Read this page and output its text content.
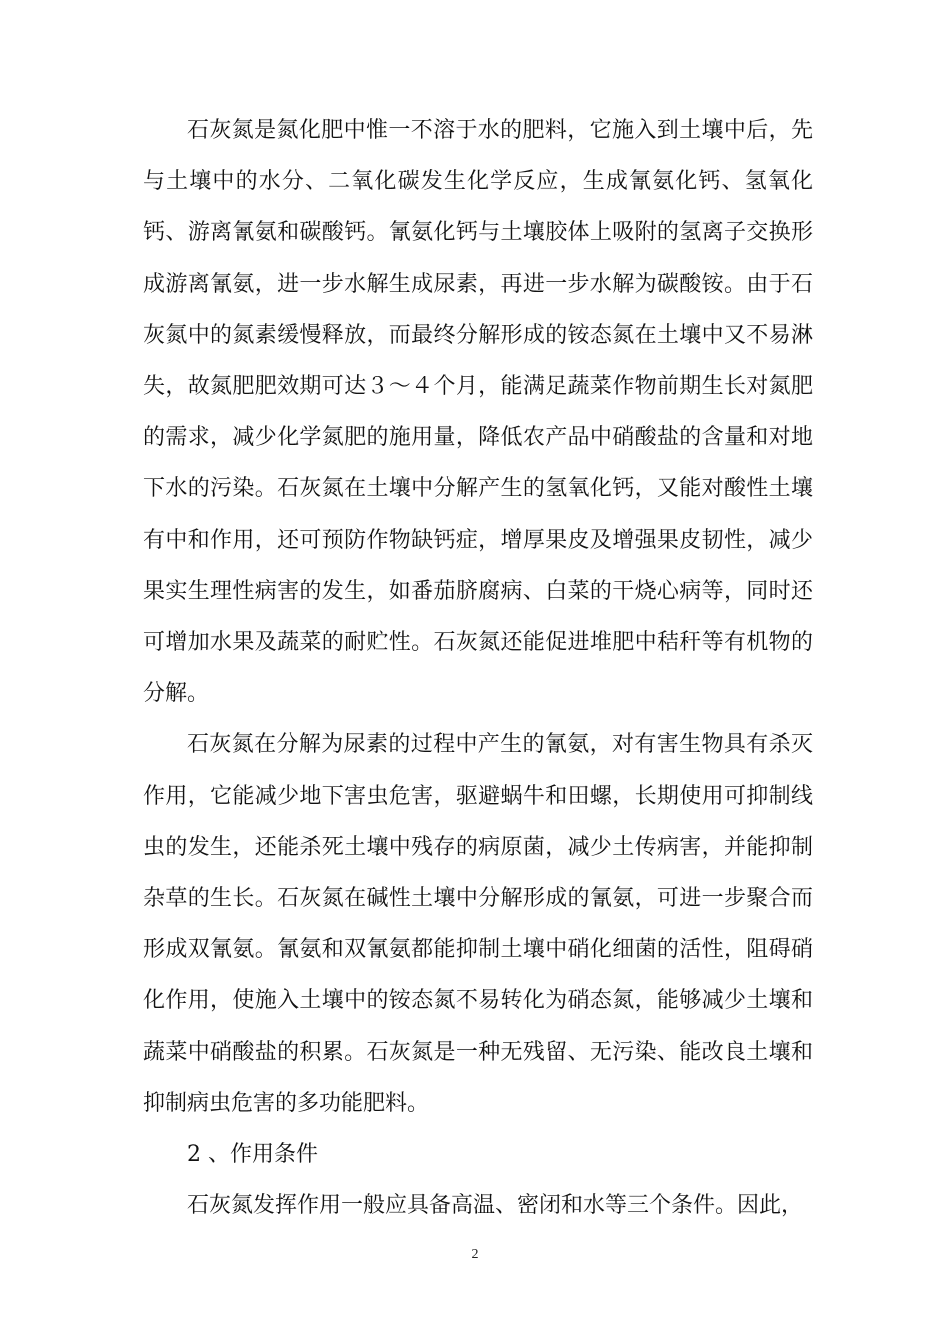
石灰氮是氮化肥中惟一不溶于水的肥料，它施入到土壤中后，先与土壤中的水分、二氧化碳发生化学反应，生成氰氨化钙、氢氧化钙、游离氰氨和碳酸钙。氰氨化钙与土壤胶体上吸附的氢离子交换形成游离氰氨，进一步水解生成尿素，再进一步水解为碳酸铵。由于石灰氮中的氮素缓慢释放，而最终分解形成的铵态氮在土壤中又不易淋失，故氮肥肥效期可达３～４个月，能满足蔬菜作物前期生长对氮肥的需求，减少化学氮肥的施用量，降低农产品中硝酸盐的含量和对地下水的污染。石灰氮在土壤中分解产生的氢氧化钙，又能对酸性土壤有中和作用，还可预防作物缺钙症，增厚果皮及增强果皮韧性，减少果实生理性病害的发生，如番茄脐腐病、白菜的干烧心病等，同时还可增加水果及蔬菜的耐贮性。石灰氮还能促进堆肥中秸秆等有机物的分解。

石灰氮在分解为尿素的过程中产生的氰氨，对有害生物具有杀灭作用，它能减少地下害虫危害，驱避蜗牛和田螺，长期使用可抑制线虫的发生，还能杀死土壤中残存的病原菌，减少土传病害，并能抑制杂草的生长。石灰氮在碱性土壤中分解形成的氰氨，可进一步聚合而形成双氰氨。氰氨和双氰氨都能抑制土壤中硝化细菌的活性，阻碍硝化作用，使施入土壤中的铵态氮不易转化为硝态氮，能够减少土壤和蔬菜中硝酸盐的积累。石灰氮是一种无残留、无污染、能改良土壤和抑制病虫危害的多功能肥料。

2 、作用条件

石灰氮发挥作用一般应具备高温、密闭和水等三个条件。因此，

2
